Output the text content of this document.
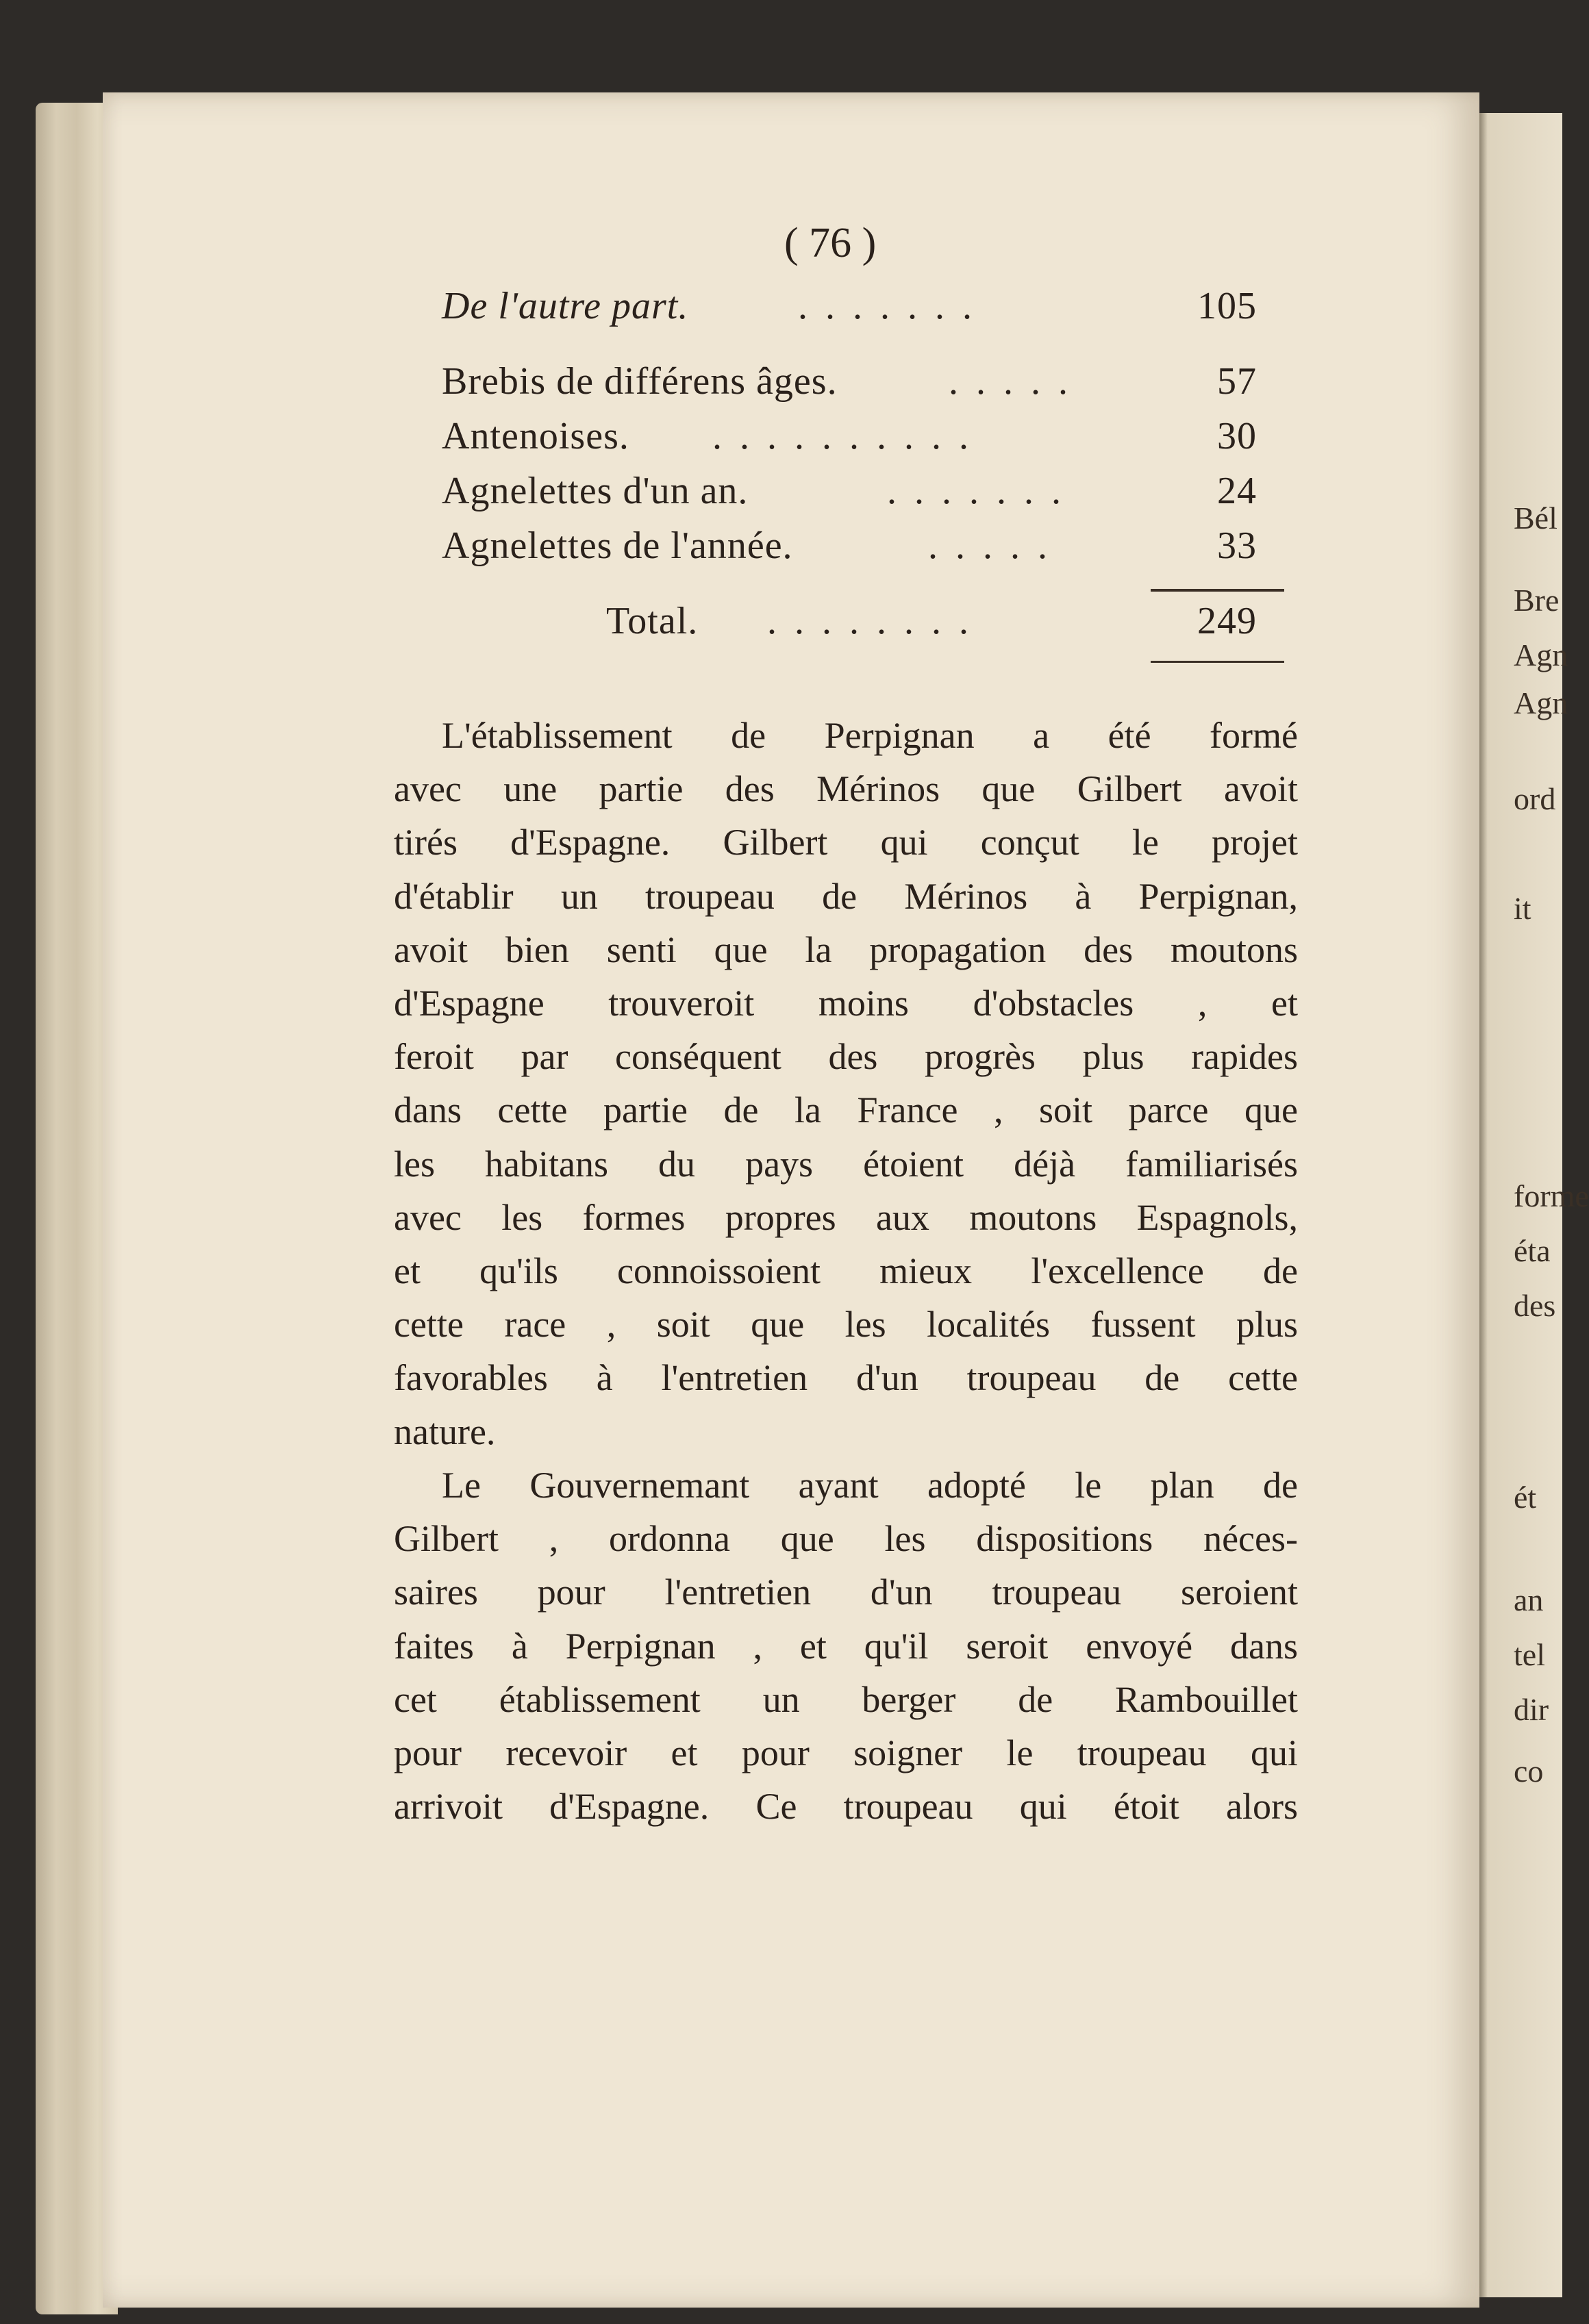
Bél
Bre
Agn
Agn
ord
it
forme
éta
des
ét
an
tel
dir
co
( 76 )
De l'autre part.	. . . . . . .	105
Brebis de différens âges.	. . . . .	57
Antenoises. . . . . . . . . . .	30
Agnelettes d'un an.	. . . . . . .	24
Agnelettes de l'année.	. . . . .	33
Total. . . . . . . . .	249
L'établissement de Perpignan a été formé
avec une partie des Mérinos que Gilbert avoit
tirés d'Espagne. Gilbert qui conçut le projet
d'établir un troupeau de Mérinos à Perpignan,
avoit bien senti que la propagation des moutons
d'Espagne trouveroit moins d'obstacles , et
feroit par conséquent des progrès plus rapides
dans cette partie de la France , soit parce que
les habitans du pays étoient déjà familiarisés
avec les formes propres aux moutons Espagnols,
et qu'ils connoissoient mieux l'excellence de
cette race , soit que les localités fussent plus
favorables à l'entretien d'un troupeau de cette
nature.
Le Gouvernemant ayant adopté le plan de
Gilbert , ordonna que les dispositions néces-
saires pour l'entretien d'un troupeau seroient
faites à Perpignan , et qu'il seroit envoyé dans
cet établissement un berger de Rambouillet
pour recevoir et pour soigner le troupeau qui
arrivoit d'Espagne. Ce troupeau qui étoit alors
